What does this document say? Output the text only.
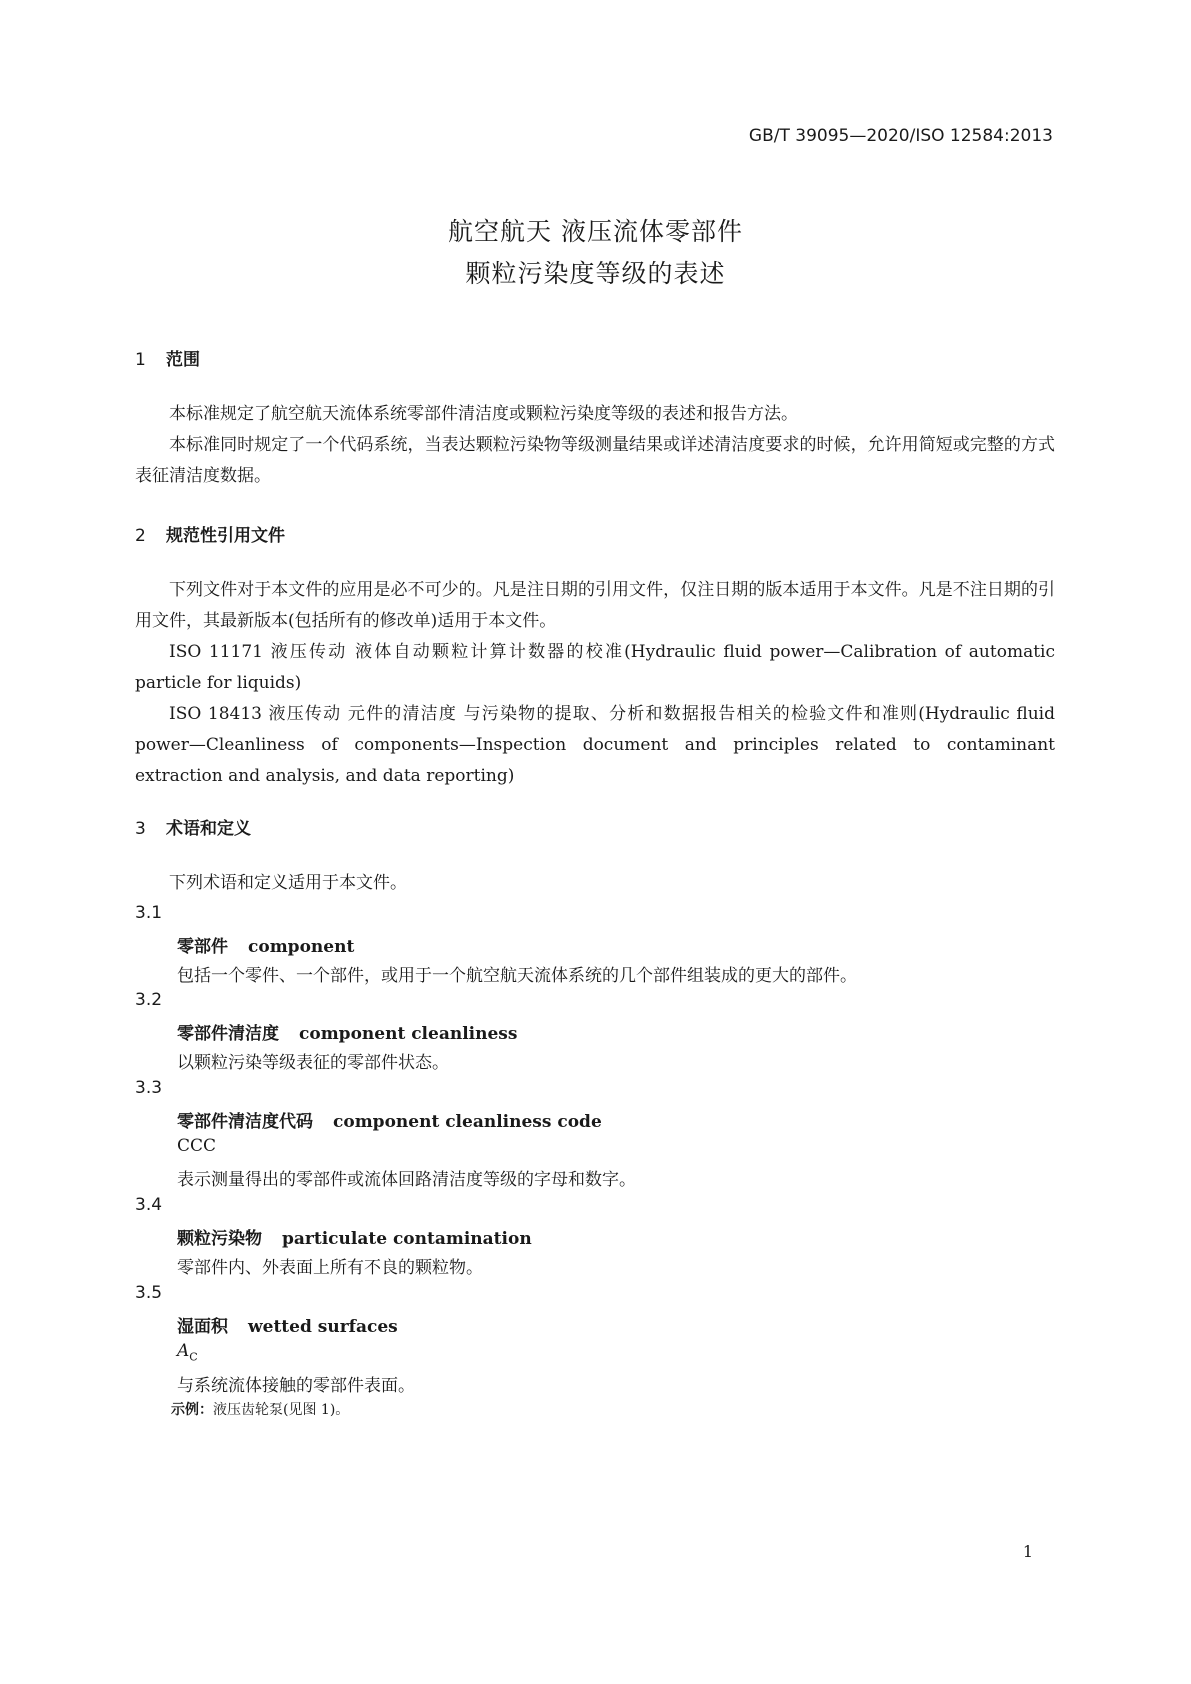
GB/T 39095—2020/ISO 12584:2013
航空航天 液压流体零部件
颗粒污染度等级的表述
1 范围

本标准规定了航空航天流体系统零部件清洁度或颗粒污染度等级的表述和报告方法。

本标准同时规定了一个代码系统，当表达颗粒污染物等级测量结果或详述清洁度要求的时候，允许用简短或完整的方式表征清洁度数据。

2 规范性引用文件

下列文件对于本文件的应用是必不可少的。凡是注日期的引用文件，仅注日期的版本适用于本文件。凡是不注日期的引用文件，其最新版本(包括所有的修改单)适用于本文件。

ISO 11171 液压传动 液体自动颗粒计算计数器的校准(Hydraulic fluid power—Calibration of automatic particle for liquids)

ISO 18413 液压传动 元件的清洁度 与污染物的提取、分析和数据报告相关的检验文件和准则(Hydraulic fluid power—Cleanliness of components—Inspection document and principles related to contaminant extraction and analysis, and data reporting)

3 术语和定义

下列术语和定义适用于本文件。

3.1
零部件 component
包括一个零件、一个部件，或用于一个航空航天流体系统的几个部件组装成的更大的部件。
3.2
零部件清洁度 component cleanliness
以颗粒污染等级表征的零部件状态。
3.3
零部件清洁度代码 component cleanliness code
CCC
表示测量得出的零部件或流体回路清洁度等级的字母和数字。
3.4
颗粒污染物 particulate contamination
零部件内、外表面上所有不良的颗粒物。
3.5
湿面积 wetted surfaces
$A_C$
与系统流体接触的零部件表面。
示例：液压齿轮泵(见图 1)。
1
